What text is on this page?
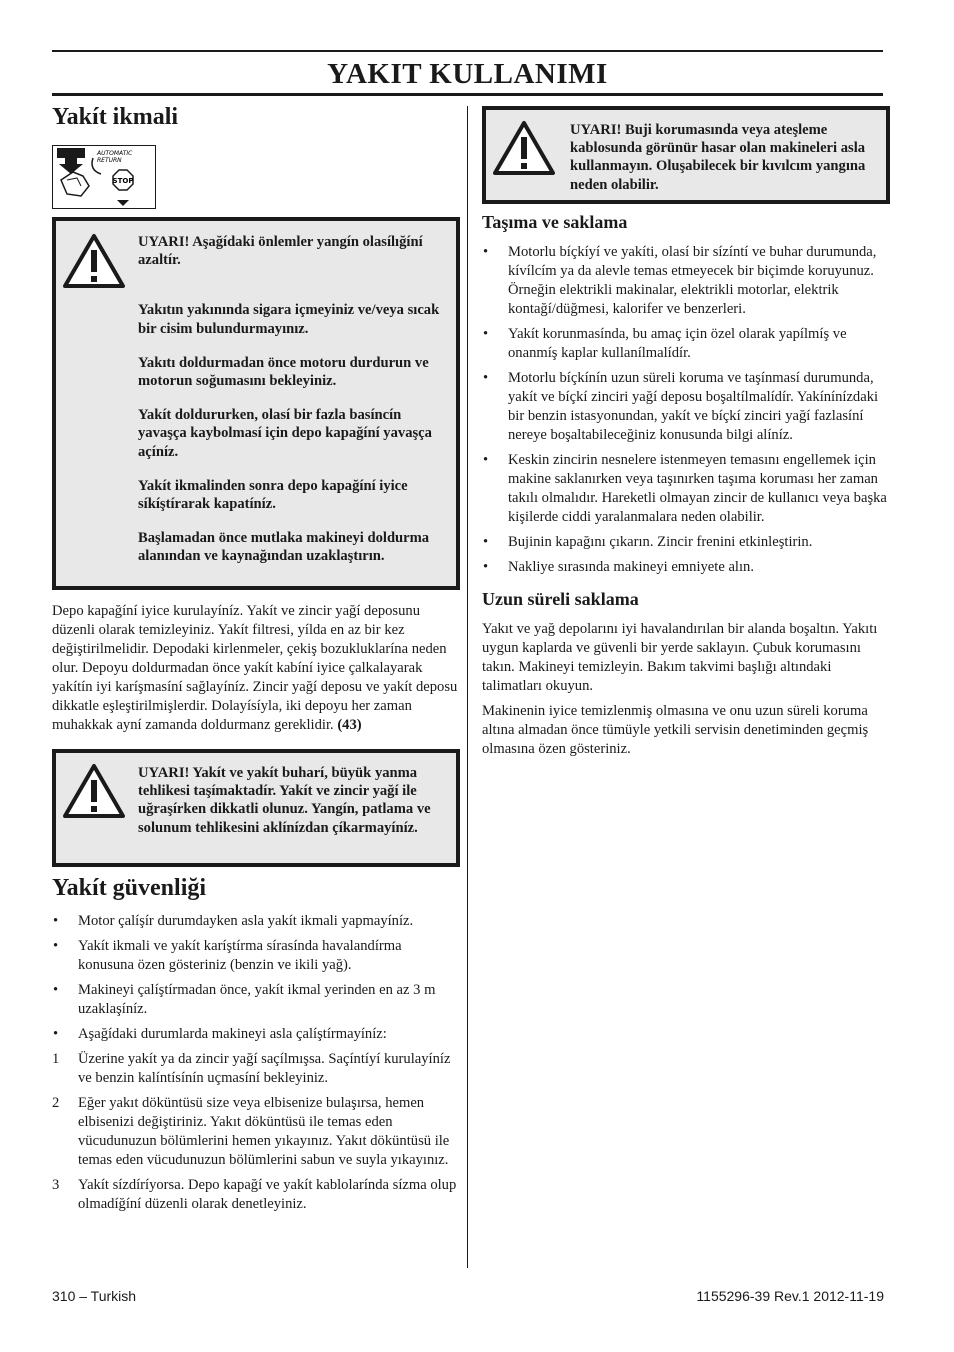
YAKIT KULLANIMI
Yakít ikmali
AUTOMATIC
RETURN
STOP

UYARI! Aşağídaki önlemler yangín olasílığíní azaltír.

Yakıtın yakınında sigara içmeyiniz ve/veya sıcak bir cisim bulundurmayınız.

Yakıtı doldurmadan önce motoru durdurun ve motorun soğumasını bekleyiniz.

Yakít doldururken, olasí bir fazla basíncín yavaşça kaybolmasí için depo kapağíní yavaşça açíníz.

Yakít ikmalinden sonra depo kapağíní iyice síkíştírarak kapatíníz.

Başlamadan önce mutlaka makineyi doldurma alanından ve kaynağından uzaklaştırın.

Depo kapağíní iyice kurulayíníz. Yakít ve zincir yağí deposunu düzenli olarak temizleyiniz. Yakít filtresi, yílda en az bir kez değiştirilmelidir. Depodaki kirlenmeler, çekiş bozukluklarína neden olur. Depoyu doldurmadan önce yakít kabíní iyice çalkalayarak yakítín iyi karíşmasíní sağlayíníz. Zincir yağí deposu ve yakít deposu dikkatle eşleştirilmişlerdir. Dolayísíyla, iki depoyu her zaman muhakkak ayní zamanda doldurmanz gereklidir. (43)

UYARI! Yakít ve yakít buharí, büyük yanma tehlikesi taşímaktadír. Yakít ve zincir yağí ile uğraşírken dikkatli olunuz. Yangín, patlama ve solunum tehlikesini aklínízdan çíkarmayíníz.
Yakít güvenliği
• Motor çalíşír durumdayken asla yakít ikmali yapmayíníz.
• Yakít ikmali ve yakít karíştírma sírasínda havalandírma konusuna özen gösteriniz (benzin ve ikili yağ).
• Makineyi çalíştírmadan önce, yakít ikmal yerinden en az 3 m uzaklaşíníz.
• Aşağídaki durumlarda makineyi asla çalíştírmayíníz:
1 Üzerine yakít ya da zincir yağí saçílmışsa. Saçíntíyí kurulayíníz ve benzin kalíntísínín uçmasíní bekleyiniz.
2 Eğer yakıt döküntüsü size veya elbisenize bulaşırsa, hemen elbisenizi değiştiriniz. Yakıt döküntüsü ile temas eden vücudunuzun bölümlerini hemen yıkayınız. Yakıt döküntüsü ile temas eden vücudunuzun bölümlerini sabun ve suyla yıkayınız.
3 Yakít sízdíríyorsa. Depo kapağí ve yakít kablolarínda sízma olup olmadíğíní düzenli olarak denetleyiniz.
UYARI! Buji korumasında veya ateşleme kablosunda görünür hasar olan makineleri asla kullanmayın. Oluşabilecek bir kıvılcım yangına neden olabilir.
Taşıma ve saklama
• Motorlu bíçkíyí ve yakíti, olasí bir sízíntí ve buhar durumunda, kívílcím ya da alevle temas etmeyecek bir biçimde koruyunuz. Örneğin elektrikli makinalar, elektrikli motorlar, elektrik kontağí/düğmesi, kalorifer ve benzerleri.
• Yakít korunmasínda, bu amaç için özel olarak yapílmíş ve onanmíş kaplar kullanílmalídír.
• Motorlu bíçkínín uzun süreli koruma ve taşínmasí durumunda, yakít ve bíçkí zinciri yağí deposu boşaltílmalídír. Yakínínízdaki bir benzin istasyonundan, yakít ve bíçkí zinciri yağí fazlasíní nereye boşaltabileceğiniz konusunda bilgi alíníz.
• Keskin zincirin nesnelere istenmeyen temasını engellemek için makine saklanırken veya taşınırken taşıma koruması her zaman takılı olmalıdır. Hareketli olmayan zincir de kullanıcı veya başka kişilerde ciddi yaralanmalara neden olabilir.
• Bujinin kapağını çıkarın. Zincir frenini etkinleştirin.
• Nakliye sırasında makineyi emniyete alın.
Uzun süreli saklama

Yakıt ve yağ depolarını iyi havalandırılan bir alanda boşaltın. Yakıtı uygun kaplarda ve güvenli bir yerde saklayın. Çubuk korumasını takın. Makineyi temizleyin. Bakım takvimi başlığı altındaki talimatları okuyun.

Makinenin iyice temizlenmiş olmasına ve onu uzun süreli koruma altına almadan önce tümüyle yetkili servisin denetiminden geçmiş olmasına özen gösteriniz.

310 – Turkish	1155296-39 Rev.1 2012-11-19
